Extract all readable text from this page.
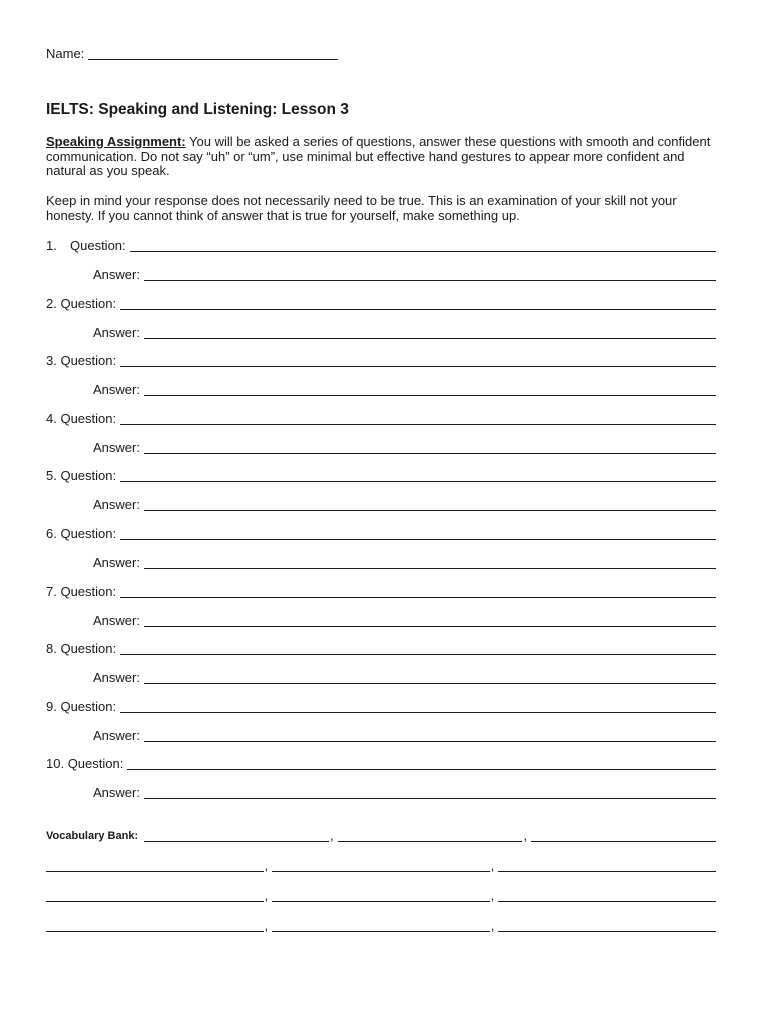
Name:
IELTS: Speaking and Listening: Lesson 3

Speaking Assignment: You will be asked a series of questions, answer these questions with smooth and confident communication. Do not say “uh” or “um”, use minimal but effective hand gestures to appear more confident and natural as you speak.

Keep in mind your response does not necessarily need to be true. This is an examination of your skill not your honesty. If you cannot think of answer that is true for yourself, make something up.

1. Question:
Answer:
2. Question:
Answer:
3. Question:
Answer:
4. Question:
Answer:
5. Question:
Answer:
6. Question:
Answer:
7. Question:
Answer:
8. Question:
Answer:
9. Question:
Answer:
10. Question:
Answer:
Vocabulary Bank:	,	,
,	,
,	,
,	,
